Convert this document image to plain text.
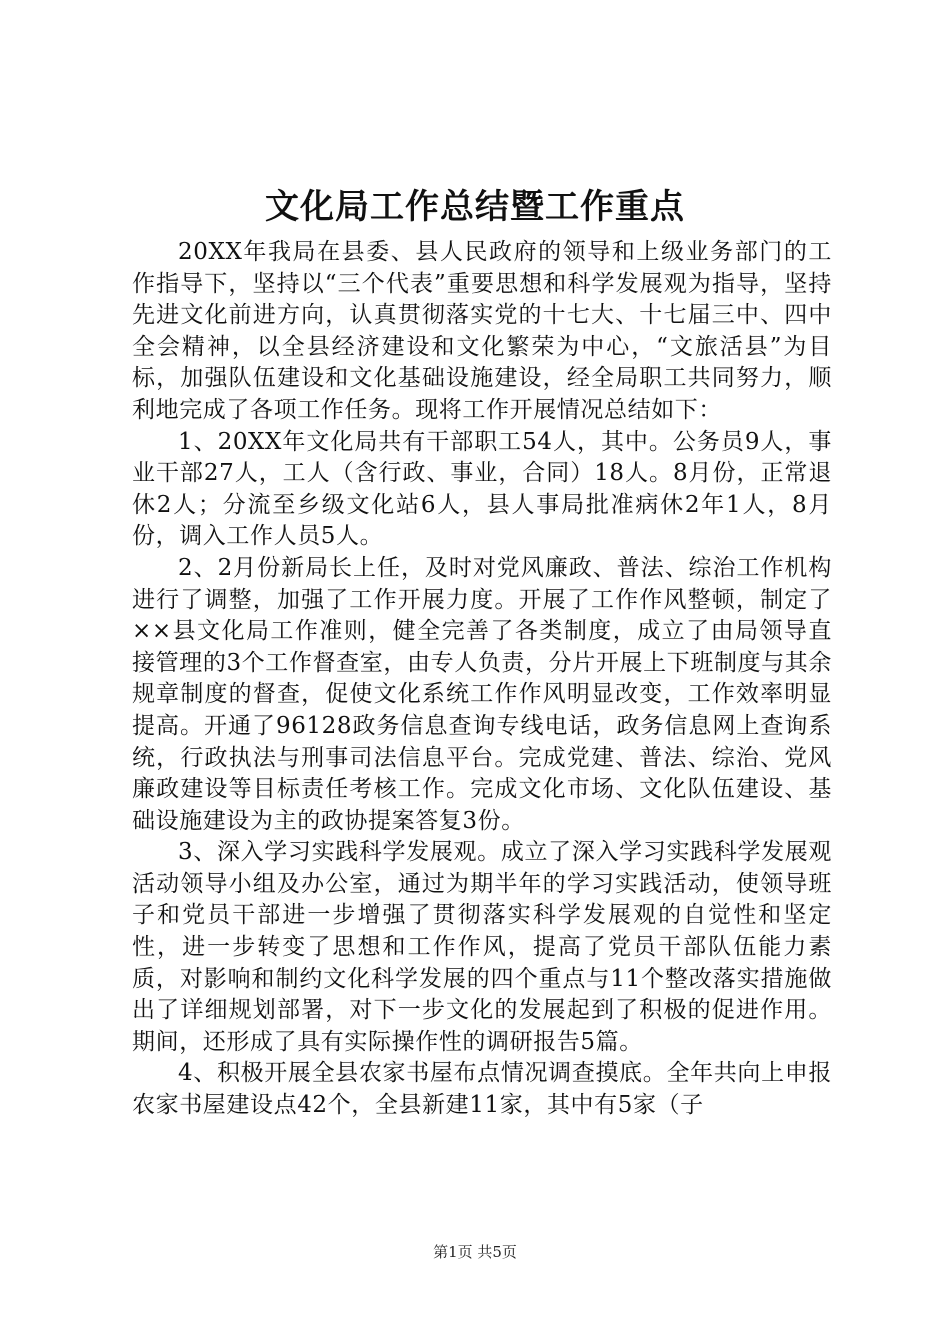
文化局工作总结暨工作重点

20XX年我局在县委、县人民政府的领导和上级业务部门的工作指导下，坚持以“三个代表”重要思想和科学发展观为指导，坚持先进文化前进方向，认真贯彻落实党的十七大、十七届三中、四中全会精神，以全县经济建设和文化繁荣为中心，“文旅活县”为目标，加强队伍建设和文化基础设施建设，经全局职工共同努力，顺利地完成了各项工作任务。现将工作开展情况总结如下：

1、20XX年文化局共有干部职工54人，其中。公务员9人，事业干部27人，工人（含行政、事业，合同）18人。8月份，正常退休2人；分流至乡级文化站6人，县人事局批准病休2年1人，8月份，调入工作人员5人。

2、2月份新局长上任，及时对党风廉政、普法、综治工作机构进行了调整，加强了工作开展力度。开展了工作作风整顿，制定了××县文化局工作准则，健全完善了各类制度，成立了由局领导直接管理的3个工作督查室，由专人负责，分片开展上下班制度与其余规章制度的督查，促使文化系统工作作风明显改变，工作效率明显提高。开通了96128政务信息查询专线电话，政务信息网上查询系统，行政执法与刑事司法信息平台。完成党建、普法、综治、党风廉政建设等目标责任考核工作。完成文化市场、文化队伍建设、基础设施建设为主的政协提案答复3份。

3、深入学习实践科学发展观。成立了深入学习实践科学发展观活动领导小组及办公室，通过为期半年的学习实践活动，使领导班子和党员干部进一步增强了贯彻落实科学发展观的自觉性和坚定性，进一步转变了思想和工作作风，提高了党员干部队伍能力素质，对影响和制约文化科学发展的四个重点与11个整改落实措施做出了详细规划部署，对下一步文化的发展起到了积极的促进作用。期间，还形成了具有实际操作性的调研报告5篇。

4、积极开展全县农家书屋布点情况调查摸底。全年共向上申报农家书屋建设点42个，全县新建11家，其中有5家（子

第1页 共5页
